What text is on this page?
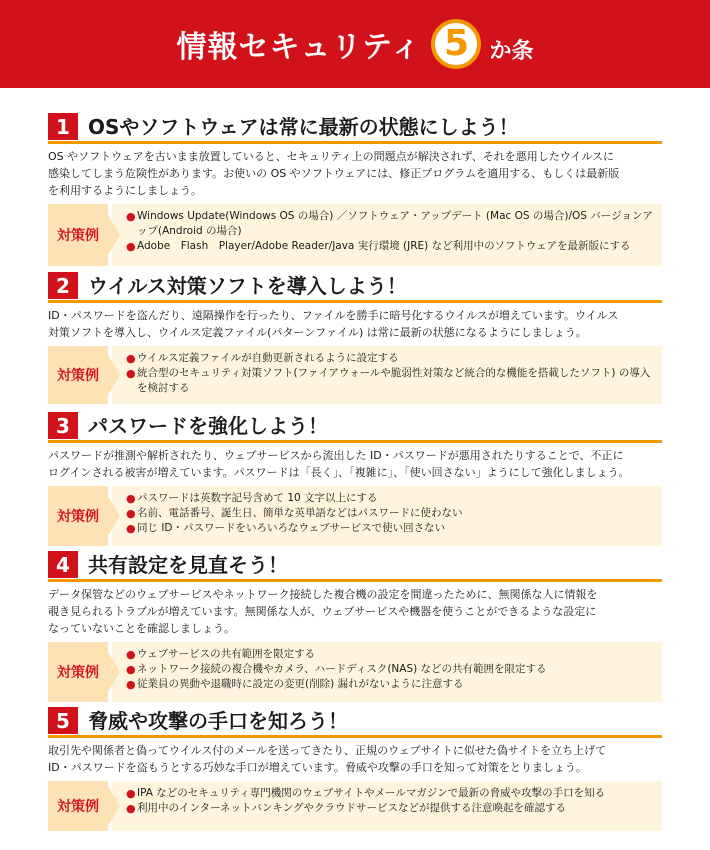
情報セキュリティ 5 か条
1 OSやソフトウェアは常に最新の状態にしよう！
OS やソフトウェアを古いまま放置していると、セキュリティ上の問題点が解決されず、それを悪用したウイルスに
感染してしまう危険性があります。お使いの OS やソフトウェアには、修正プログラムを適用する、もしくは最新版
を利用するようにしましょう。
対策例
● Windows Update(Windows OS の場合) ／ソフトウェア・アップデート (Mac OS の場合)/OS バージョンアップ(Android の場合)
● Adobe　Flash　Player/Adobe Reader/Java 実行環境 (JRE) など利用中のソフトウェアを最新版にする
2 ウイルス対策ソフトを導入しよう！
ID・パスワードを盗んだり、遠隔操作を行ったり、ファイルを勝手に暗号化するウイルスが増えています。ウイルス
対策ソフトを導入し、ウイルス定義ファイル(パターンファイル) は常に最新の状態になるようにしましょう。
対策例
● ウイルス定義ファイルが自動更新されるように設定する
● 統合型のセキュリティ対策ソフト(ファイアウォールや脆弱性対策など統合的な機能を搭載したソフト) の導入を検討する
3 パスワードを強化しよう！
パスワードが推測や解析されたり、ウェブサービスから流出した ID・パスワードが悪用されたりすることで、不正に
ログインされる被害が増えています。パスワードは「長く」、「複雑に」、「使い回さない」ようにして強化しましょう。
対策例
● パスワードは英数字記号含めて 10 文字以上にする
● 名前、電話番号、誕生日、簡単な英単語などはパスワードに使わない
● 同じ ID・パスワードをいろいろなウェブサービスで使い回さない
4 共有設定を見直そう！
データ保管などのウェブサービスやネットワーク接続した複合機の設定を間違ったために、無関係な人に情報を
覗き見られるトラブルが増えています。無関係な人が、ウェブサービスや機器を使うことができるような設定に
なっていないことを確認しましょう。
対策例
● ウェブサービスの共有範囲を限定する
● ネットワーク接続の複合機やカメラ、ハードディスク(NAS) などの共有範囲を限定する
● 従業員の異動や退職時に設定の変更(削除) 漏れがないように注意する
5 脅威や攻撃の手口を知ろう！
取引先や関係者と偽ってウイルス付のメールを送ってきたり、正規のウェブサイトに似せた偽サイトを立ち上げて
ID・パスワードを盗もうとする巧妙な手口が増えています。脅威や攻撃の手口を知って対策をとりましょう。
対策例
● IPA などのセキュリティ専門機関のウェブサイトやメールマガジンで最新の脅威や攻撃の手口を知る
● 利用中のインターネットバンキングやクラウドサービスなどが提供する注意喚起を確認する
